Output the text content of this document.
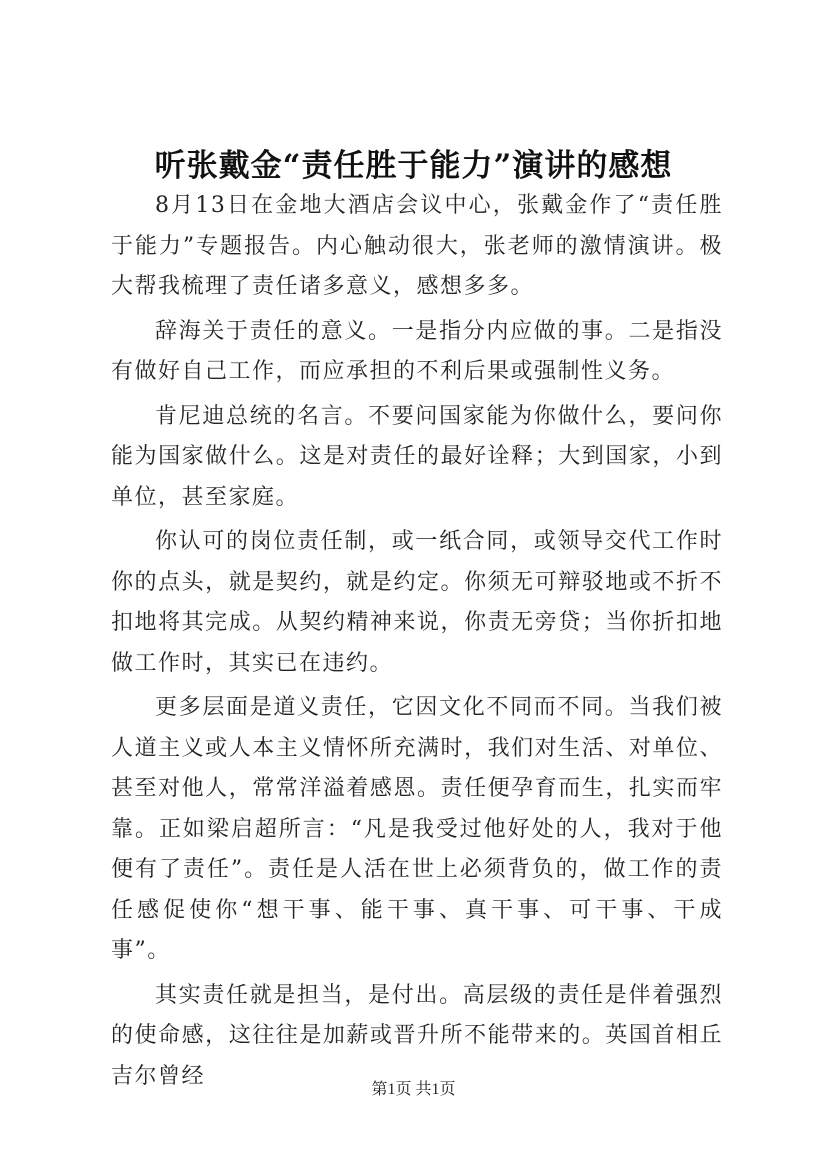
听张戴金“责任胜于能力”演讲的感想

8月13日在金地大酒店会议中心，张戴金作了“责任胜于能力”专题报告。内心触动很大，张老师的激情演讲。极大帮我梳理了责任诸多意义，感想多多。

辞海关于责任的意义。一是指分内应做的事。二是指没有做好自己工作，而应承担的不利后果或强制性义务。

肯尼迪总统的名言。不要问国家能为你做什么，要问你能为国家做什么。这是对责任的最好诠释；大到国家，小到单位，甚至家庭。

你认可的岗位责任制，或一纸合同，或领导交代工作时你的点头，就是契约，就是约定。你须无可辩驳地或不折不扣地将其完成。从契约精神来说，你责无旁贷；当你折扣地做工作时，其实已在违约。

更多层面是道义责任，它因文化不同而不同。当我们被人道主义或人本主义情怀所充满时，我们对生活、对单位、甚至对他人，常常洋溢着感恩。责任便孕育而生，扎实而牢靠。正如梁启超所言：“凡是我受过他好处的人，我对于他便有了责任”。责任是人活在世上必须背负的，做工作的责任感促使你“想干事、能干事、真干事、可干事、干成事”。

其实责任就是担当，是付出。高层级的责任是伴着强烈的使命感，这往往是加薪或晋升所不能带来的。英国首相丘吉尔曾经

第1页 共1页
